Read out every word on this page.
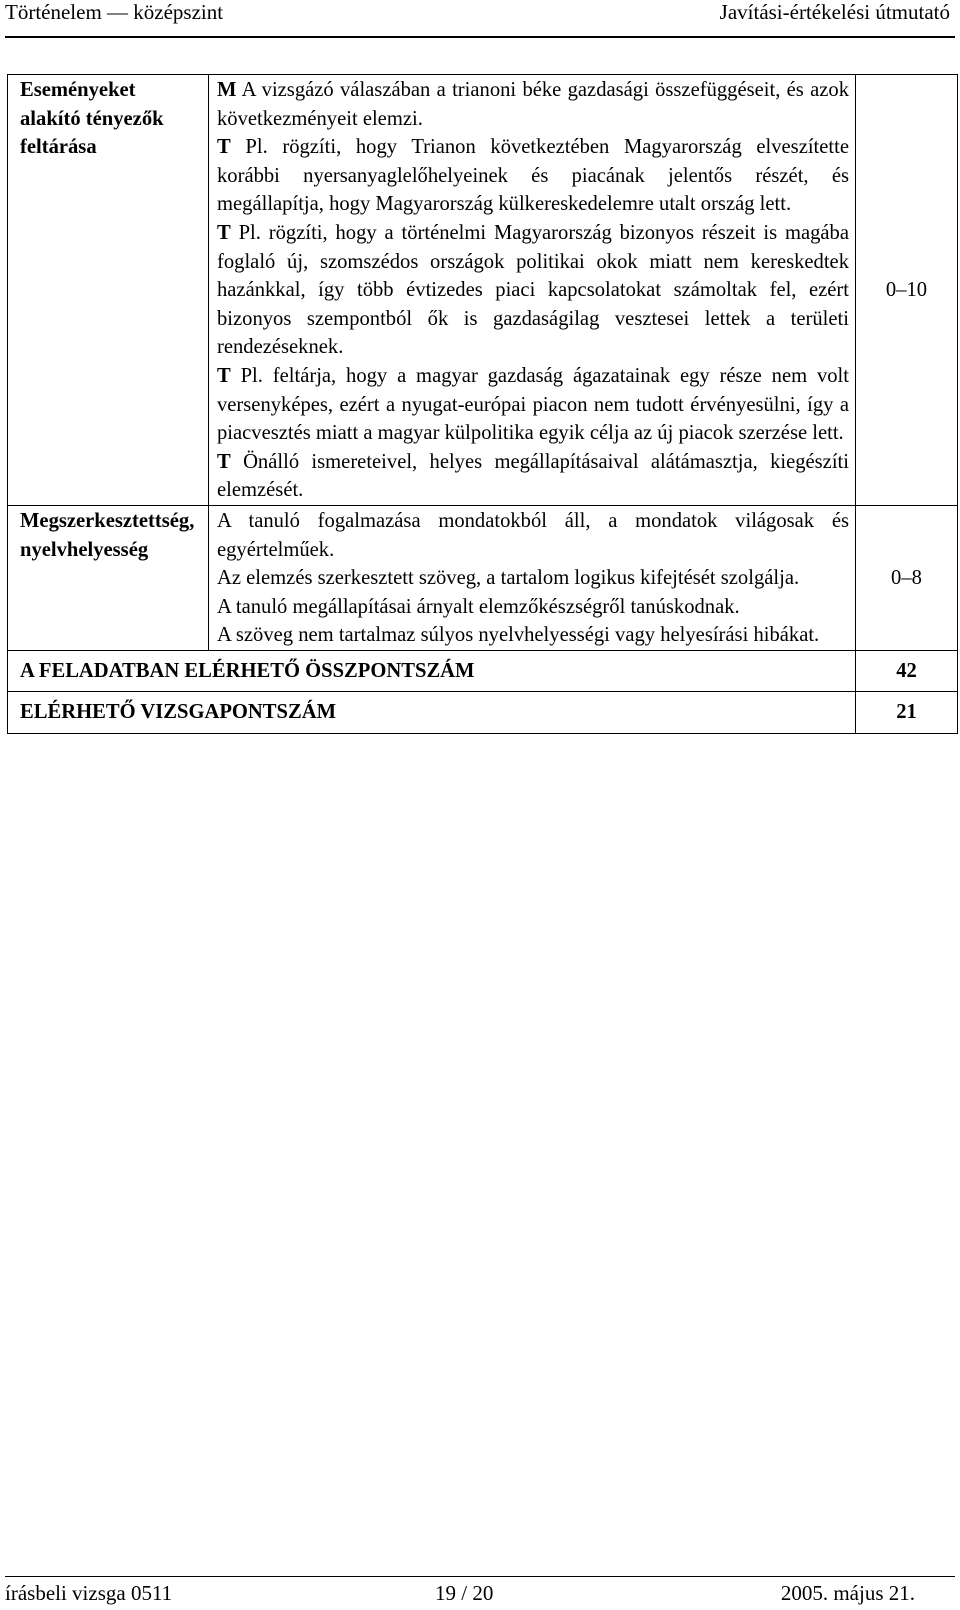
Történelem — középszint	Javítási-értékelési útmutató
Eseményeket alakító tényezők feltárása	M A vizsgázó válaszában a trianoni béke gazdasági összefüggéseit, és azok következményeit elemzi.
T Pl. rögzíti, hogy Trianon következtében Magyarország elveszítette korábbi nyersanyaglelőhelyeinek és piacának jelentős részét, és megállapítja, hogy Magyarország külkereskedelemre utalt ország lett.
T Pl. rögzíti, hogy a történelmi Magyarország bizonyos részeit is magába foglaló új, szomszédos országok politikai okok miatt nem kereskedtek hazánkkal, így több évtizedes piaci kapcsolatokat számoltak fel, ezért bizonyos szempontból ők is gazdaságilag vesztesei lettek a területi rendezéseknek.
T Pl. feltárja, hogy a magyar gazdaság ágazatainak egy része nem volt versenyképes, ezért a nyugat-európai piacon nem tudott érvényesülni, így a piacvesztés miatt a magyar külpolitika egyik célja az új piacok szerzése lett.
T Önálló ismereteivel, helyes megállapításaival alátámasztja, kiegészíti elemzését.	0–10
Megszerkesztettség, nyelvhelyesség	A tanuló fogalmazása mondatokból áll, a mondatok világosak és egyértelműek.
Az elemzés szerkesztett szöveg, a tartalom logikus kifejtését szolgálja.
A tanuló megállapításai árnyalt elemzőkészségről tanúskodnak.
A szöveg nem tartalmaz súlyos nyelvhelyességi vagy helyesírási hibákat.	0–8
A FELADATBAN ELÉRHETŐ ÖSSZPONTSZÁM		42
ELÉRHETŐ VIZSGAPONTSZÁM		21
írásbeli vizsga 0511	19 / 20	2005. május 21.
